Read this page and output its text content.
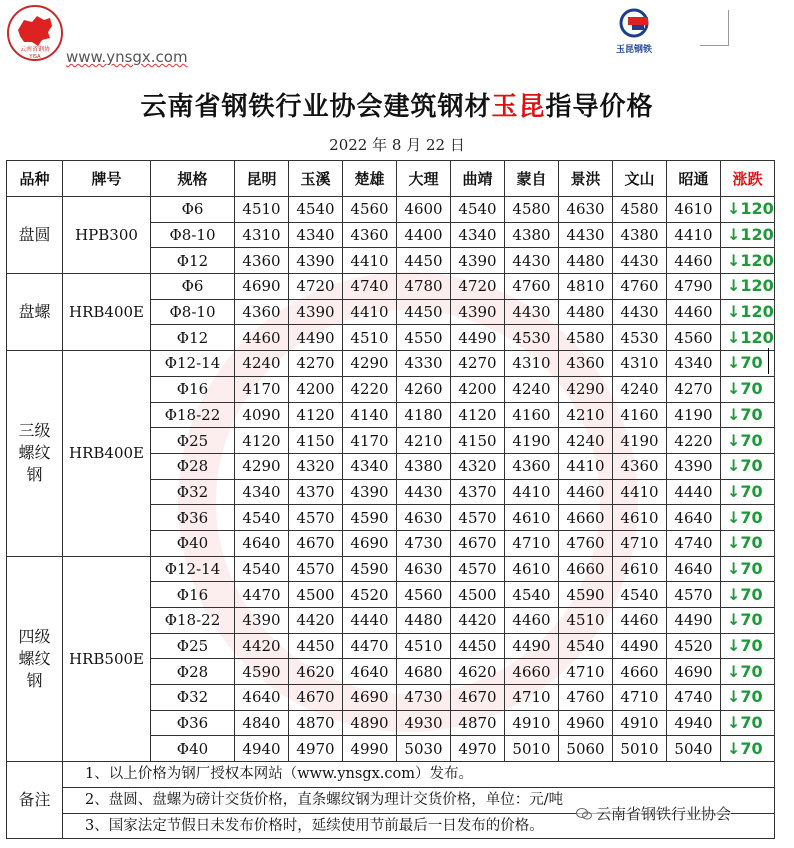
云南省钢协
YISA www.ynsgx.com	玉昆钢铁
云南省钢铁行业协会建筑钢材玉昆指导价格
2022 年 8 月 22 日
品种	牌号	规格	昆明	玉溪	楚雄	大理	曲靖	蒙自	景洪	文山	昭通	涨跌
盘圆	HPB300	Φ6	4510	4540	4560	4600	4540	4580	4630	4580	4610	↓120
		Φ8-10	4310	4340	4360	4400	4340	4380	4430	4380	4410	↓120
		Φ12	4360	4390	4410	4450	4390	4430	4480	4430	4460	↓120
盘螺	HRB400E	Φ6	4690	4720	4740	4780	4720	4760	4810	4760	4790	↓120
		Φ8-10	4360	4390	4410	4450	4390	4430	4480	4430	4460	↓120
		Φ12	4460	4490	4510	4550	4490	4530	4580	4530	4560	↓120

三级
螺纹
钢	HRB400E	Φ12-14	4240	4270	4290	4330	4270	4310	4360	4310	4340	↓70
		Φ16	4170	4200	4220	4260	4200	4240	4290	4240	4270	↓70
		Φ18-22	4090	4120	4140	4180	4120	4160	4210	4160	4190	↓70
		Φ25	4120	4150	4170	4210	4150	4190	4240	4190	4220	↓70
		Φ28	4290	4320	4340	4380	4320	4360	4410	4360	4390	↓70
		Φ32	4340	4370	4390	4430	4370	4410	4460	4410	4440	↓70
		Φ36	4540	4570	4590	4630	4570	4610	4660	4610	4640	↓70
		Φ40	4640	4670	4690	4730	4670	4710	4760	4710	4740	↓70

四级
螺纹
钢	HRB500E	Φ12-14	4540	4570	4590	4630	4570	4610	4660	4610	4640	↓70
		Φ16	4470	4500	4520	4560	4500	4540	4590	4540	4570	↓70
		Φ18-22	4390	4420	4440	4480	4420	4460	4510	4460	4490	↓70
		Φ25	4420	4450	4470	4510	4450	4490	4540	4490	4520	↓70
		Φ28	4590	4620	4640	4680	4620	4660	4710	4660	4690	↓70
		Φ32	4640	4670	4690	4730	4670	4710	4760	4710	4740	↓70
		Φ36	4840	4870	4890	4930	4870	4910	4960	4910	4940	↓70
		Φ40	4940	4970	4990	5030	4970	5010	5060	5010	5040	↓70
备注	1、以上价格为钢厂授权本网站（www.ynsgx.com）发布。											
	2、盘圆、盘螺为磅计交货价格，直条螺纹钢为理计交货价格，单位：元/吨											
	3、国家法定节假日未发布价格时，延续使用节前最后一日发布的价格。											
云南省钢铁行业协会
